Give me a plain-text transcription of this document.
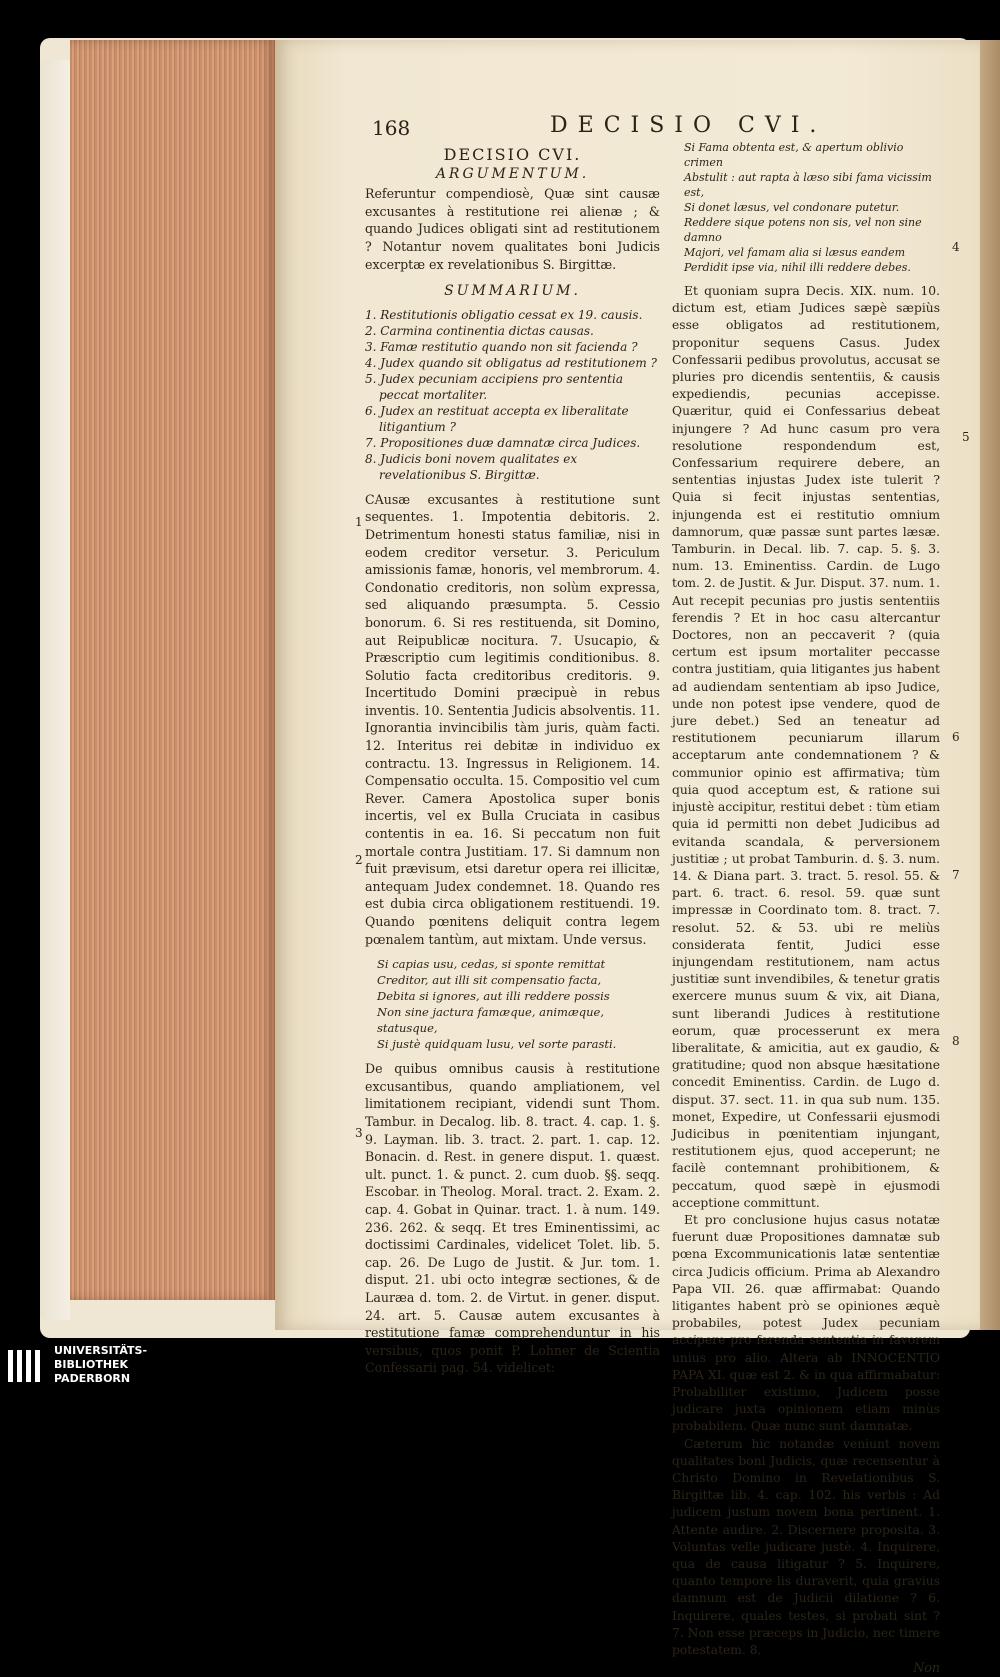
168	DECISIO CVI.
DECISIO CVI.
ARGUMENTUM.

Referuntur compendiosè, Quæ sint causæ excusantes à restitutione rei alienæ ; & quando Judices obligati sint ad restitutionem ? Notantur novem qualitates boni Judicis excerptæ ex revelationibus S. Birgittæ.

SUMMARIUM.

1. Restitutionis obligatio cessat ex 19. causis.

2. Carmina continentia dictas causas.

3. Famæ restitutio quando non sit facienda ?

4. Judex quando sit obligatus ad restitutionem ?

5. Judex pecuniam accipiens pro sententia peccat mortaliter.

6. Judex an restituat accepta ex liberalitate litigantium ?

7. Propositiones duæ damnatæ circa Judices.

8. Judicis boni novem qualitates ex revelationibus S. Birgittæ.

CAusæ excusantes à restitutione sunt sequentes. 1. Impotentia debitoris. 2. Detrimentum honesti status familiæ, nisi in eodem creditor versetur. 3. Periculum amissionis famæ, honoris, vel membrorum. 4. Condonatio creditoris, non solùm expressa, sed aliquando præsumpta. 5. Cessio bonorum. 6. Si res restituenda, sit Domino, aut Reipublicæ nocitura. 7. Usucapio, & Præscriptio cum legitimis conditionibus. 8. Solutio facta creditoribus creditoris. 9. Incertitudo Domini præcipuè in rebus inventis. 10. Sententia Judicis absolventis. 11. Ignorantia invincibilis tàm juris, quàm facti. 12. Interitus rei debitæ in individuo ex contractu. 13. Ingressus in Religionem. 14. Compensatio occulta. 15. Compositio vel cum Rever. Camera Apostolica super bonis incertis, vel ex Bulla Cruciata in casibus contentis in ea. 16. Si peccatum non fuit mortale contra Justitiam. 17. Si damnum non fuit prævisum, etsi daretur opera rei illicitæ, antequam Judex condemnet. 18. Quando res est dubia circa obligationem restituendi. 19. Quando pœnitens deliquit contra legem pœnalem tantùm, aut mixtam. Unde versus.

Si capias usu, cedas, si sponte remittat
Creditor, aut illi sit compensatio facta,
Debita si ignores, aut illi reddere possis
Non sine jactura famæque, animæque, statusque,
Si justè quidquam lusu, vel sorte parasti.

De quibus omnibus causis à restitutione excusantibus, quando ampliationem, vel limitationem recipiant, videndi sunt Thom. Tambur. in Decalog. lib. 8. tract. 4. cap. 1. §. 9. Layman. lib. 3. tract. 2. part. 1. cap. 12. Bonacin. d. Rest. in genere disput. 1. quæst. ult. punct. 1. & punct. 2. cum duob. §§. seqq. Escobar. in Theolog. Moral. tract. 2. Exam. 2. cap. 4. Gobat in Quinar. tract. 1. à num. 149. 236. 262. & seqq. Et tres Eminentissimi, ac doctissimi Cardinales, videlicet Tolet. lib. 5. cap. 26. De Lugo de Justit. & Jur. tom. 1. disput. 21. ubi octo integræ sectiones, & de Lauræa d. tom. 2. de Virtut. in gener. disput. 24. art. 5. Causæ autem excusantes à restitutione famæ comprehenduntur in his versibus, quos ponit P. Lohner de Scientia Confessarii pag. 54. videlicet:

Si Fama obtenta est, & apertum oblivio crimen
Abstulit : aut rapta à læso sibi fama vicissim est,
Si donet læsus, vel condonare putetur.
Reddere sique potens non sis, vel non sine damno
Majori, vel famam alia si læsus eandem
Perdidit ipse via, nihil illi reddere debes.

Et quoniam supra Decis. XIX. num. 10. dictum est, etiam Judices sæpè sæpiùs esse obligatos ad restitutionem, proponitur sequens Casus. Judex Confessarii pedibus provolutus, accusat se pluries pro dicendis sententiis, & causis expediendis, pecunias accepisse. Quæritur, quid ei Confessarius debeat injungere ? Ad hunc casum pro vera resolutione respondendum est, Confessarium requirere debere, an sententias injustas Judex iste tulerit ? Quia si fecit injustas sententias, injungenda est ei restitutio omnium damnorum, quæ passæ sunt partes læsæ. Tamburin. in Decal. lib. 7. cap. 5. §. 3. num. 13. Eminentiss. Cardin. de Lugo tom. 2. de Justit. & Jur. Disput. 37. num. 1. Aut recepit pecunias pro justis sententiis ferendis ? Et in hoc casu altercantur Doctores, non an peccaverit ? (quia certum est ipsum mortaliter peccasse contra justitiam, quia litigantes jus habent ad audiendam sententiam ab ipso Judice, unde non potest ipse vendere, quod de jure debet.) Sed an teneatur ad restitutionem pecuniarum illarum acceptarum ante condemnationem ? & communior opinio est affirmativa; tùm quia quod acceptum est, & ratione sui injustè accipitur, restitui debet : tùm etiam quia id permitti non debet Judicibus ad evitanda scandala, & perversionem justitiæ ; ut probat Tamburin. d. §. 3. num. 14. & Diana part. 3. tract. 5. resol. 55. & part. 6. tract. 6. resol. 59. quæ sunt impressæ in Coordinato tom. 8. tract. 7. resolut. 52. & 53. ubi re meliùs considerata fentit, Judici esse injungendam restitutionem, nam actus justitiæ sunt invendibiles, & tenetur gratis exercere munus suum & vix, ait Diana, sunt liberandi Judices à restitutione eorum, quæ processerunt ex mera liberalitate, & amicitia, aut ex gaudio, & gratitudine; quod non absque hæsitatione concedit Eminentiss. Cardin. de Lugo d. disput. 37. sect. 11. in qua sub num. 135. monet, Expedire, ut Confessarii ejusmodi Judicibus in pœnitentiam injungant, restitutionem ejus, quod acceperunt; ne facilè contemnant prohibitionem, & peccatum, quod sæpè in ejusmodi acceptione committunt.

Et pro conclusione hujus casus notatæ fuerunt duæ Propositiones damnatæ sub pœna Excommunicationis latæ sententiæ circa Judicis officium. Prima ab Alexandro Papa VII. 26. quæ affirmabat: Quando litigantes habent prò se opiniones æquè probabiles, potest Judex pecuniam accipere pro ferenda sententia in favorem unius pro alio. Altera ab INNOCENTIO PAPA XI. quæ est 2. & in qua affirmabatur: Probabiliter existimo, Judicem posse judicare juxta opinionem etiam minùs probabilem. Quæ nunc sunt damnatæ.

Cæterum hic notandæ veniunt novem qualitates boni Judicis, quæ recensentur à Christo Domino in Revelationibus S. Birgittæ lib. 4. cap. 102. his verbis : Ad judicem justum novem bona pertinent. 1. Attente audire. 2. Discernere proposita. 3. Voluntas velle judicare justè. 4. Inquirere, qua de causa litigatur ? 5. Inquirere, quanto tempore lis duraverit, quia gravius damnum est de Judicii dilatione ? 6. Inquirere, quales testes, si probati sint ? 7. Non esse præceps in Judicio, nec timere potestatem. 8.

Non
1
2
3
4
5
6
7
8
UNIVERSITÄTS-
BIBLIOTHEK
PADERBORN
